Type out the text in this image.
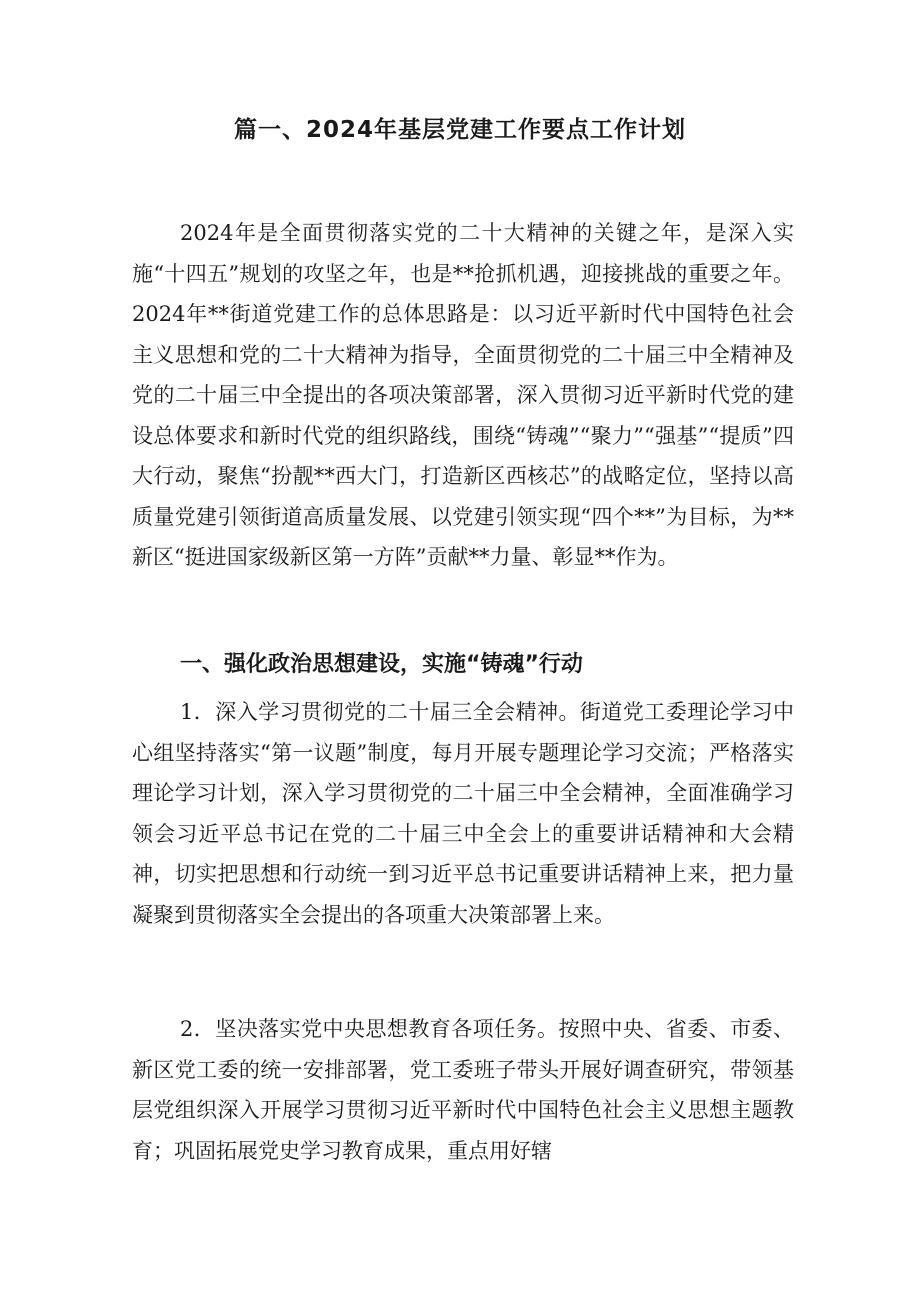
篇一、2024年基层党建工作要点工作计划

2024年是全面贯彻落实党的二十大精神的关键之年，是深入实施“十四五”规划的攻坚之年，也是**抢抓机遇，迎接挑战的重要之年。2024年**街道党建工作的总体思路是：以习近平新时代中国特色社会主义思想和党的二十大精神为指导，全面贯彻党的二十届三中全精神及党的二十届三中全提出的各项决策部署，深入贯彻习近平新时代党的建设总体要求和新时代党的组织路线，围绕“铸魂”“聚力”“强基”“提质”四大行动，聚焦“扮靓**西大门，打造新区西核芯”的战略定位，坚持以高质量党建引领街道高质量发展、以党建引领实现“四个**”为目标，为**新区“挺进国家级新区第一方阵”贡献**力量、彰显**作为。

一、强化政治思想建设，实施“铸魂”行动

1．深入学习贯彻党的二十届三全会精神。街道党工委理论学习中心组坚持落实“第一议题”制度，每月开展专题理论学习交流；严格落实理论学习计划，深入学习贯彻党的二十届三中全会精神，全面准确学习领会习近平总书记在党的二十届三中全会上的重要讲话精神和大会精神，切实把思想和行动统一到习近平总书记重要讲话精神上来，把力量凝聚到贯彻落实全会提出的各项重大决策部署上来。

2．坚决落实党中央思想教育各项任务。按照中央、省委、市委、新区党工委的统一安排部署，党工委班子带头开展好调查研究，带领基层党组织深入开展学习贯彻习近平新时代中国特色社会主义思想主题教育；巩固拓展党史学习教育成果，重点用好辖
